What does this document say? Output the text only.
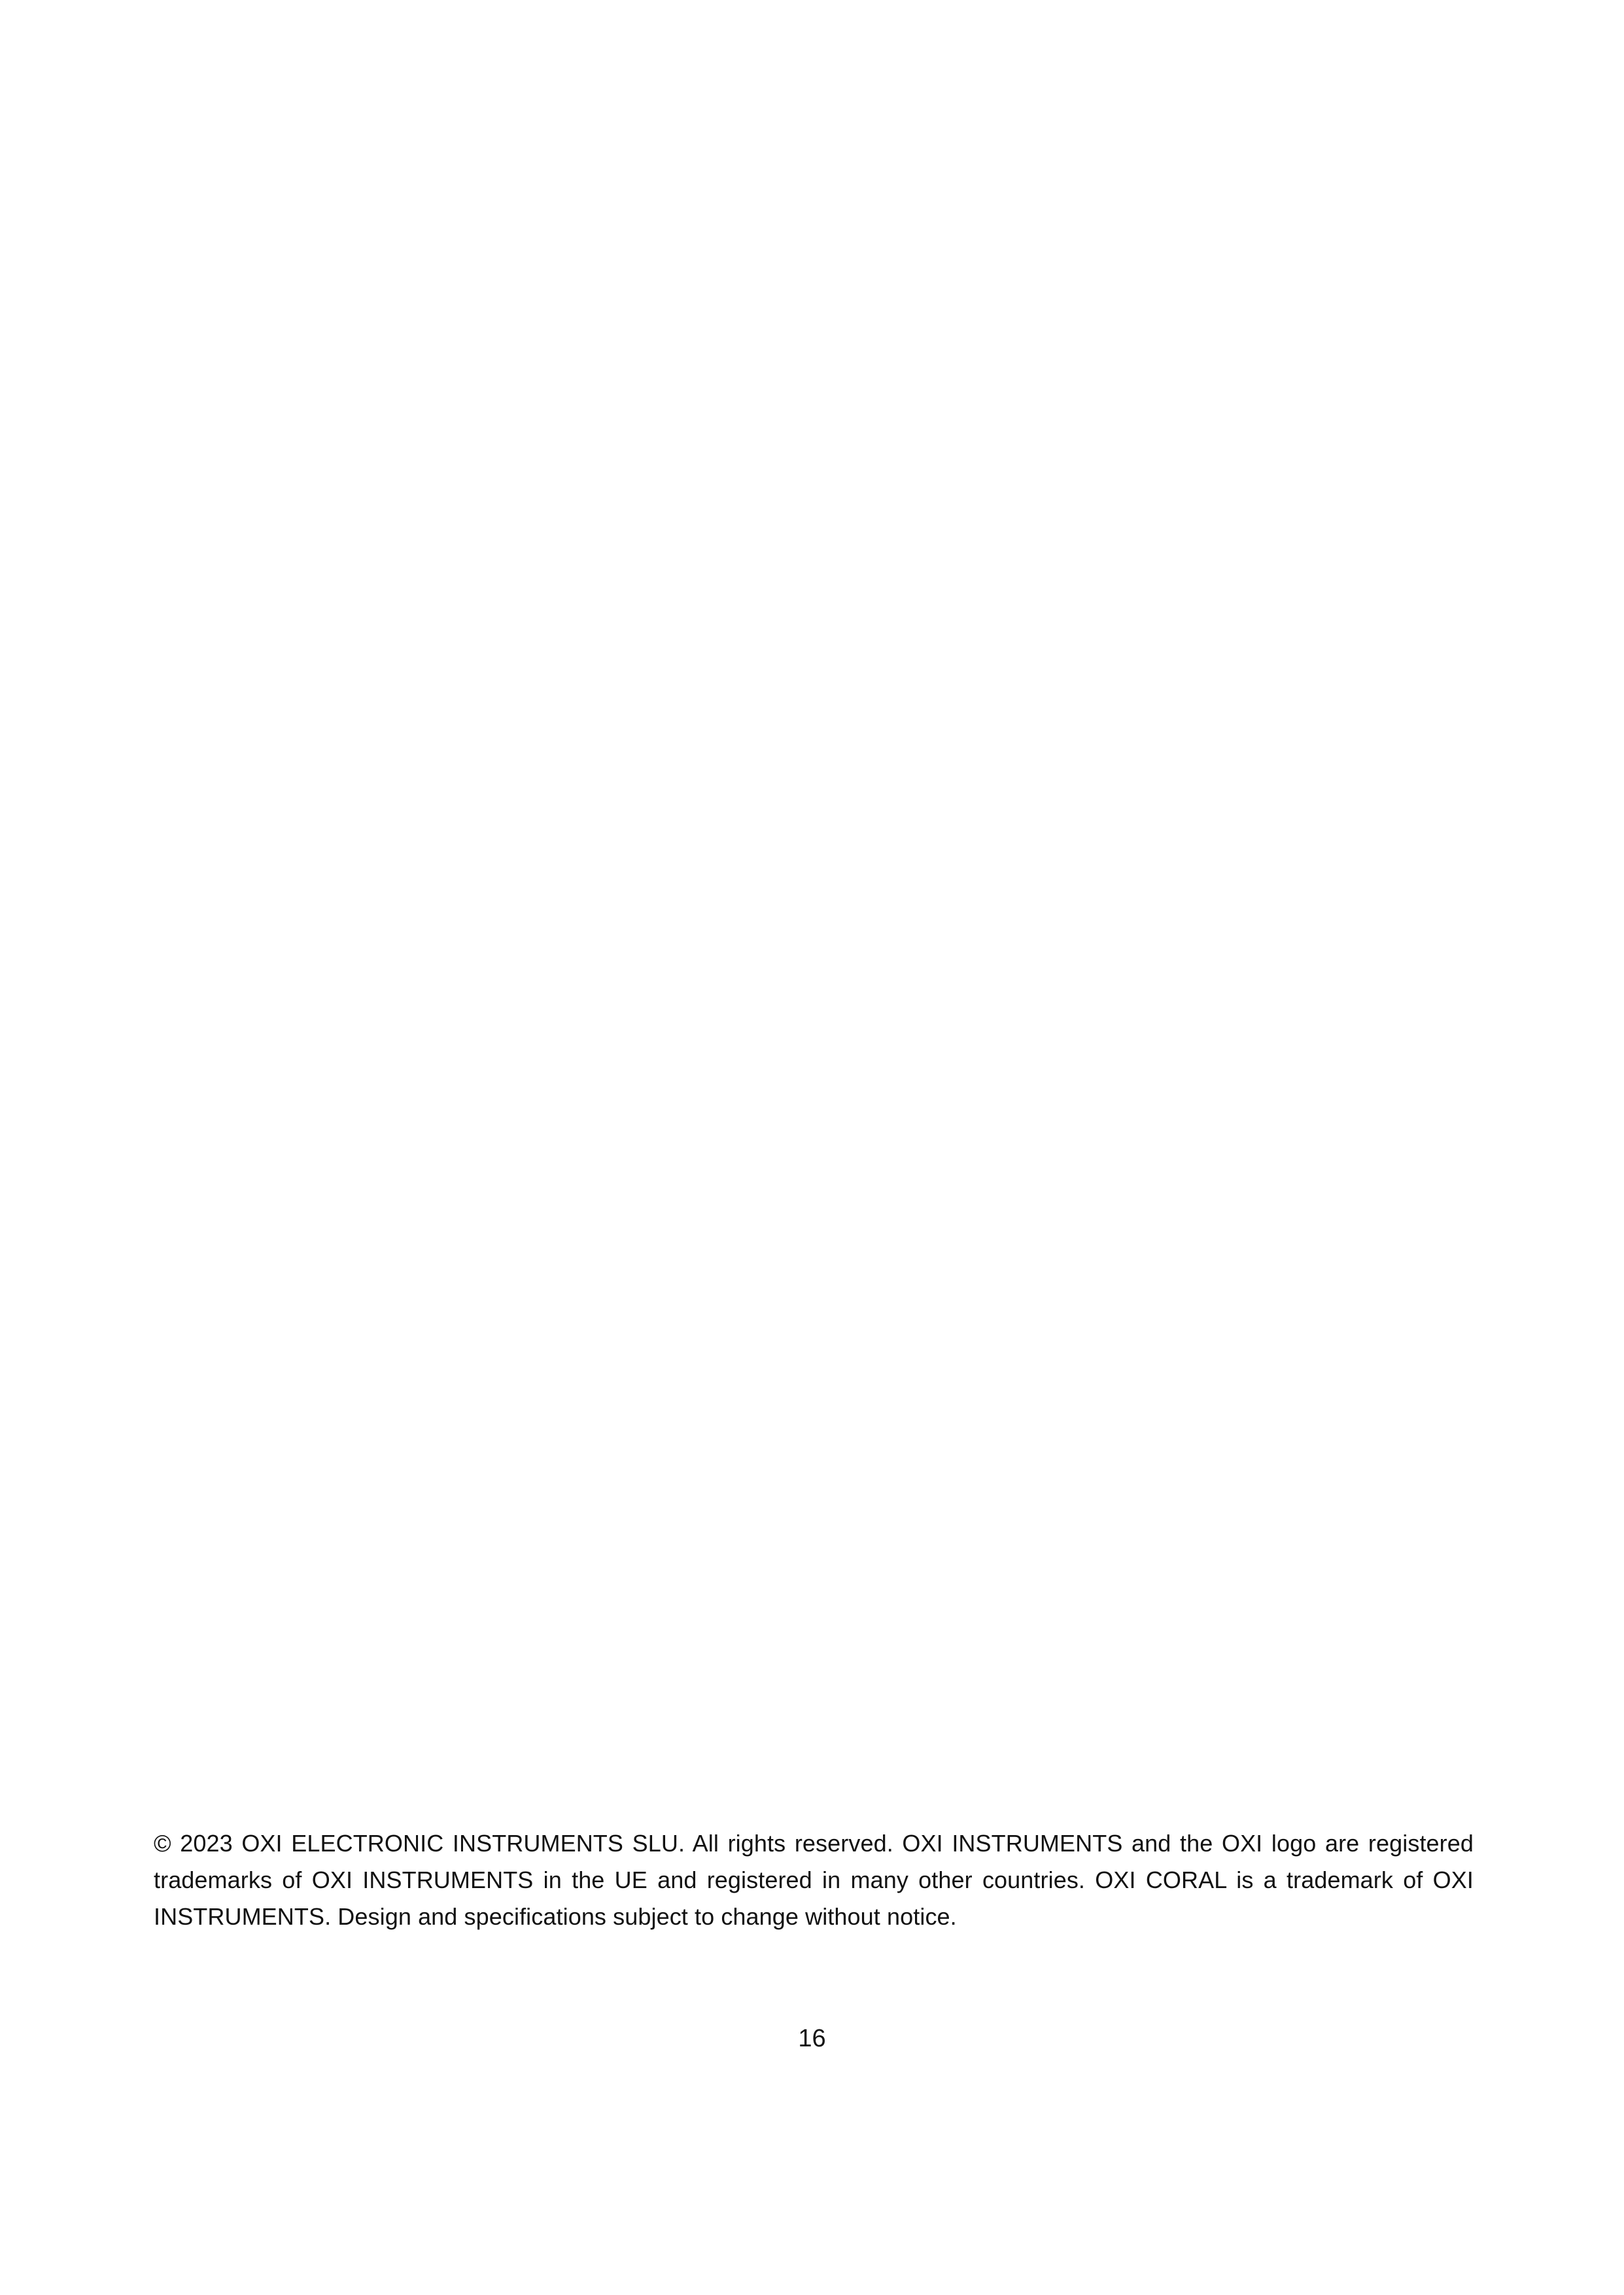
© 2023 OXI ELECTRONIC INSTRUMENTS SLU. All rights reserved. OXI INSTRUMENTS and the OXI logo are registered trademarks of OXI INSTRUMENTS in the UE and registered in many other countries. OXI CORAL is a trademark of OXI INSTRUMENTS. Design and specifications subject to change without notice.

16
